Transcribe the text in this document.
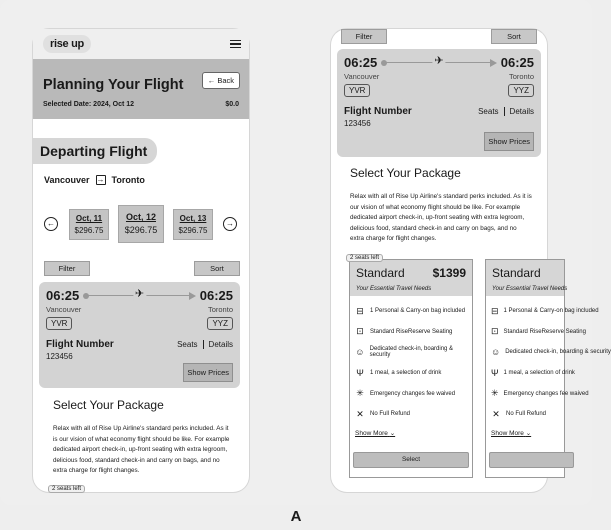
rise up
Planning Your Flight	← Back
Selected Date: 2024, Oct 12	$0.0
Departing Flight
Vancouver → Toronto
←
Oct, 11
$296.75
Oct, 12
$296.75
Oct, 13
$296.75
→
Filter	Sort
06:25	✈	06:25
Vancouver	Toronto
YVR	YYZ
Flight Number	Seats Details
123456
Show Prices
Select Your Package
Relax with all of Rise Up Airline's standard perks included. As it is our vision of what economy flight should be like. For example dedicated airport check-in, up-front seating with extra legroom, delicious food, standard check-in and carry on bags, and no extra charge for flight changes.
2 seats left
Filter	Sort
06:25	✈	06:25
Vancouver	Toronto
YVR	YYZ
Flight Number	Seats Details
123456
Show Prices
Select Your Package
Relax with all of Rise Up Airline's standard perks included. As it is our vision of what economy flight should be like. For example dedicated airport check-in, up-front seating with extra legroom, delicious food, standard check-in and carry on bags, and no extra charge for flight changes.
2 seats left
Standard $1399
Your Essential Travel Needs
⊟ 1 Personal & Carry-on bag included
⊡ Standard RiseReserve Seating
☺ Dedicated check-in, boarding & security
Ψ 1 meal, a selection of drink
✳ Emergency changes fee waived
✕ No Full Refund
Show More ⌄
Select
Standard
Your Essential Travel Needs
⊟ 1 Personal & Carry-on bag included
⊡ Standard RiseReserve Seating
☺ Dedicated check-in, boarding & security
Ψ 1 meal, a selection of drink
✳ Emergency changes fee waived
✕ No Full Refund
Show More ⌄
A
